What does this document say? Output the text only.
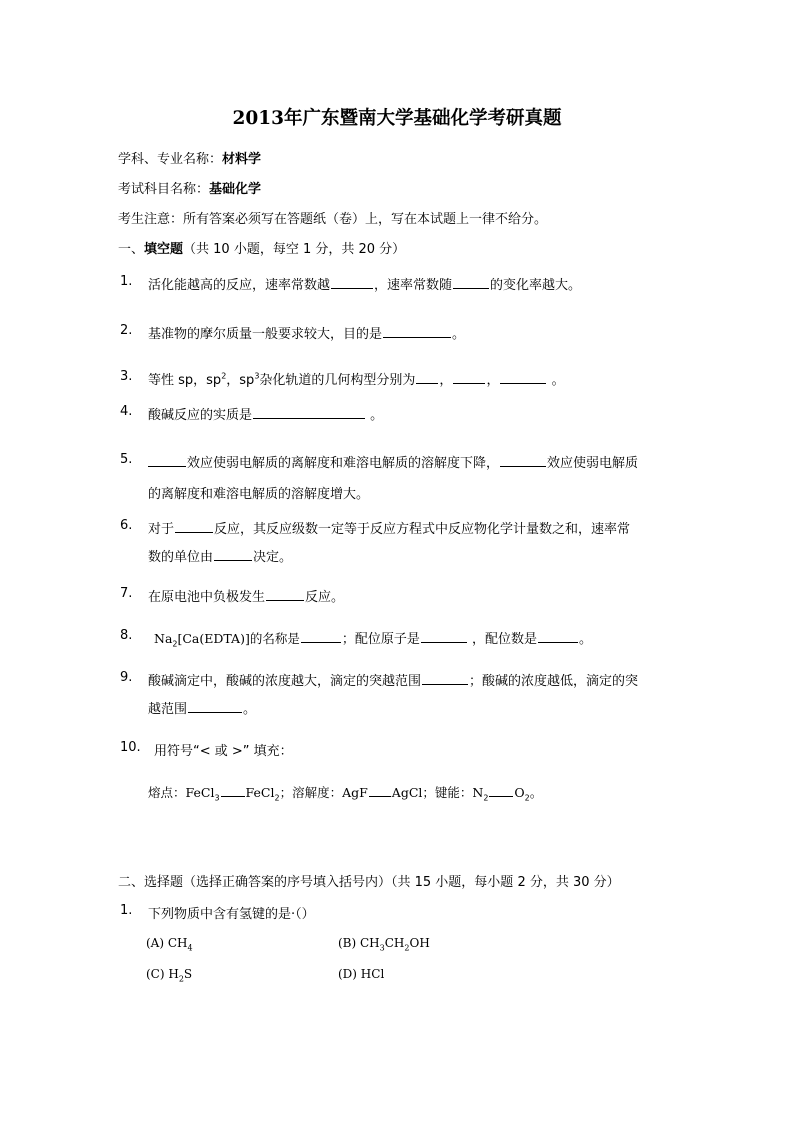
2013年广东暨南大学基础化学考研真题
学科、专业名称：材料学
考试科目名称：基础化学
考生注意：所有答案必须写在答题纸（卷）上，写在本试题上一律不给分。
一、填空题（共 10 小题，每空 1 分，共 20 分）
1. 活化能越高的反应，速率常数越	，速率常数随	的变化率越大。
2. 基准物的摩尔质量一般要求较大，目的是	。
3. 等性 sp，$sp^2$，$sp^3$杂化轨道的几何构型分别为 ，	，	。
4. 酸碱反应的实质是	。
5.	效应使弱电解质的离解度和难溶电解质的溶解度下降，	效应使弱电解质
的离解度和难溶电解质的溶解度增大。
6. 对于	反应，其反应级数一定等于反应方程式中反应物化学计量数之和，速率常
数的单位由	决定。
7. 在原电池中负极发生	反应。
8. $Na_2[Ca(EDTA)]$的名称是	；配位原子是	，配位数是	。
9. 酸碱滴定中，酸碱的浓度越大，滴定的突越范围	；酸碱的浓度越低，滴定的突
越范围	。
10. 用符号“< 或 >” 填充：
熔点：FeCl$_3$ FeCl$_2$；溶解度：AgF AgCl；键能：$N_2$ $O_2$。
二、选择题（选择正确答案的序号填入括号内）（共 15 小题，每小题 2 分，共 30 分）
1. 下列物质中含有氢键的是·（）
(A) $CH_4$	(B) $CH_3CH_2OH$
(C) $H_2S$	(D) HCl
